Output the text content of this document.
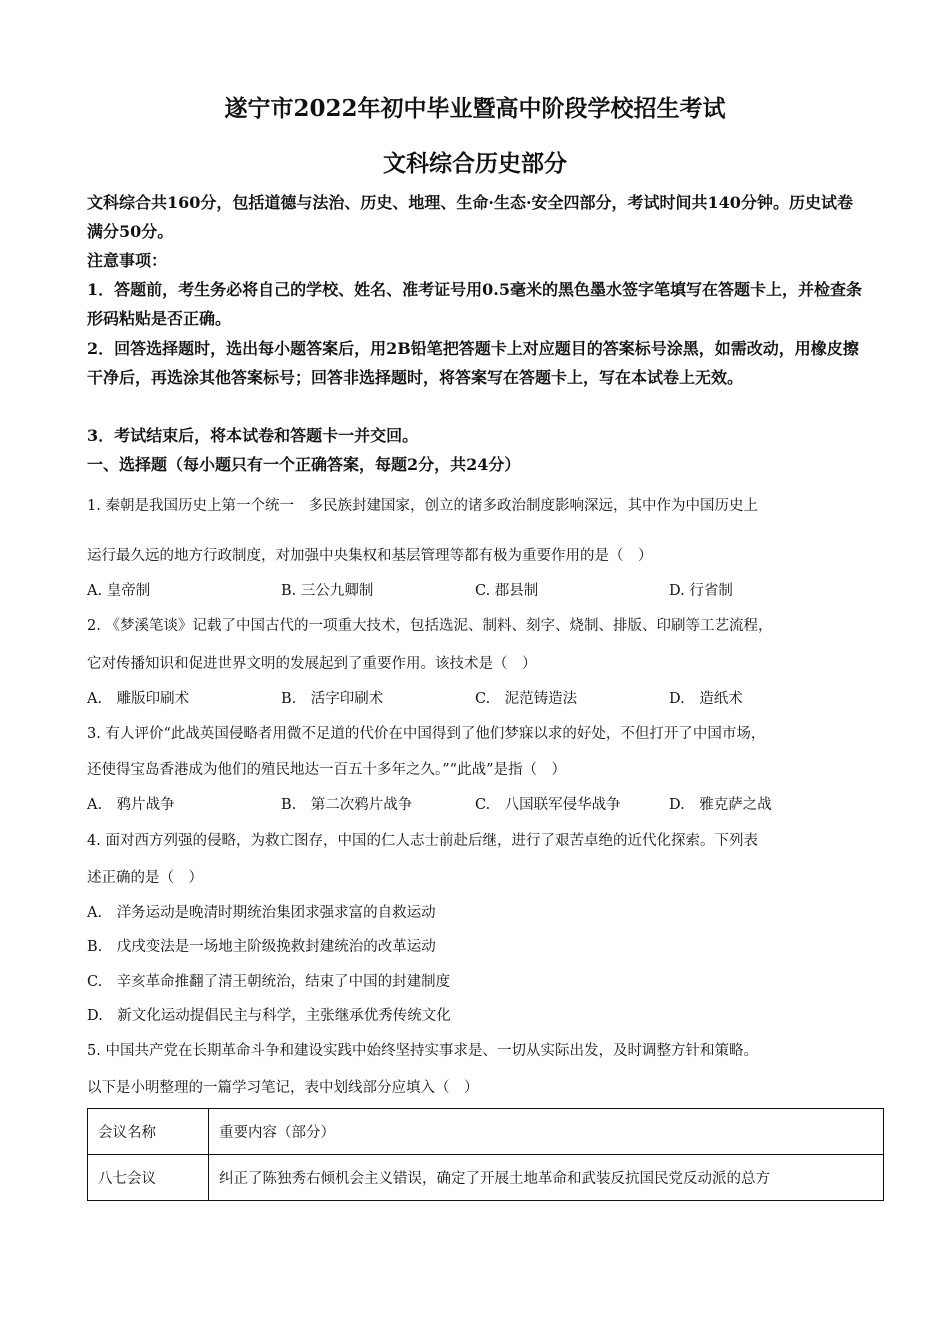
遂宁市2022年初中毕业暨高中阶段学校招生考试
文科综合历史部分
文科综合共160分，包括道德与法治、历史、地理、生命·生态·安全四部分，考试时间共140分钟。历史试卷满分50分。
注意事项：
1．答题前，考生务必将自己的学校、姓名、准考证号用0.5毫米的黑色墨水签字笔填写在答题卡上，并检查条形码粘贴是否正确。
2．回答选择题时，选出每小题答案后，用2B铅笔把答题卡上对应题目的答案标号涂黑，如需改动，用橡皮擦干净后，再选涂其他答案标号；回答非选择题时，将答案写在答题卡上，写在本试卷上无效。
3．考试结束后，将本试卷和答题卡一并交回。
一、选择题（每小题只有一个正确答案，每题2分，共24分）
1. 秦朝是我国历史上第一个统一　多民族封建国家，创立的诸多政治制度影响深远，其中作为中国历史上
运行最久远的地方行政制度，对加强中央集权和基层管理等都有极为重要作用的是（　）
A. 皇帝制	B. 三公九卿制	C. 郡县制	D. 行省制
2. 《梦溪笔谈》记载了中国古代的一项重大技术，包括选泥、制料、刻字、烧制、排版、印刷等工艺流程，
它对传播知识和促进世界文明的发展起到了重要作用。该技术是（　）
A.　雕版印刷术	B.　活字印刷术	C.　泥范铸造法	D.　造纸术
3. 有人评价“此战英国侵略者用微不足道的代价在中国得到了他们梦寐以求的好处，不但打开了中国市场，
还使得宝岛香港成为他们的殖民地达一百五十多年之久。”“此战”是指（　）
A.　鸦片战争	B.　第二次鸦片战争	C.　八国联军侵华战争	D.　雅克萨之战
4. 面对西方列强的侵略，为救亡图存，中国的仁人志士前赴后继，进行了艰苦卓绝的近代化探索。下列表
述正确的是（　）
A.　洋务运动是晚清时期统治集团求强求富的自救运动
B.　戊戌变法是一场地主阶级挽救封建统治的改革运动
C.　辛亥革命推翻了清王朝统治，结束了中国的封建制度
D.　新文化运动提倡民主与科学，主张继承优秀传统文化
5. 中国共产党在长期革命斗争和建设实践中始终坚持实事求是、一切从实际出发，及时调整方针和策略。
以下是小明整理的一篇学习笔记，表中划线部分应填入（　）
会议名称	重要内容（部分）
八七会议	纠正了陈独秀右倾机会主义错误，确定了开展土地革命和武装反抗国民党反动派的总方
